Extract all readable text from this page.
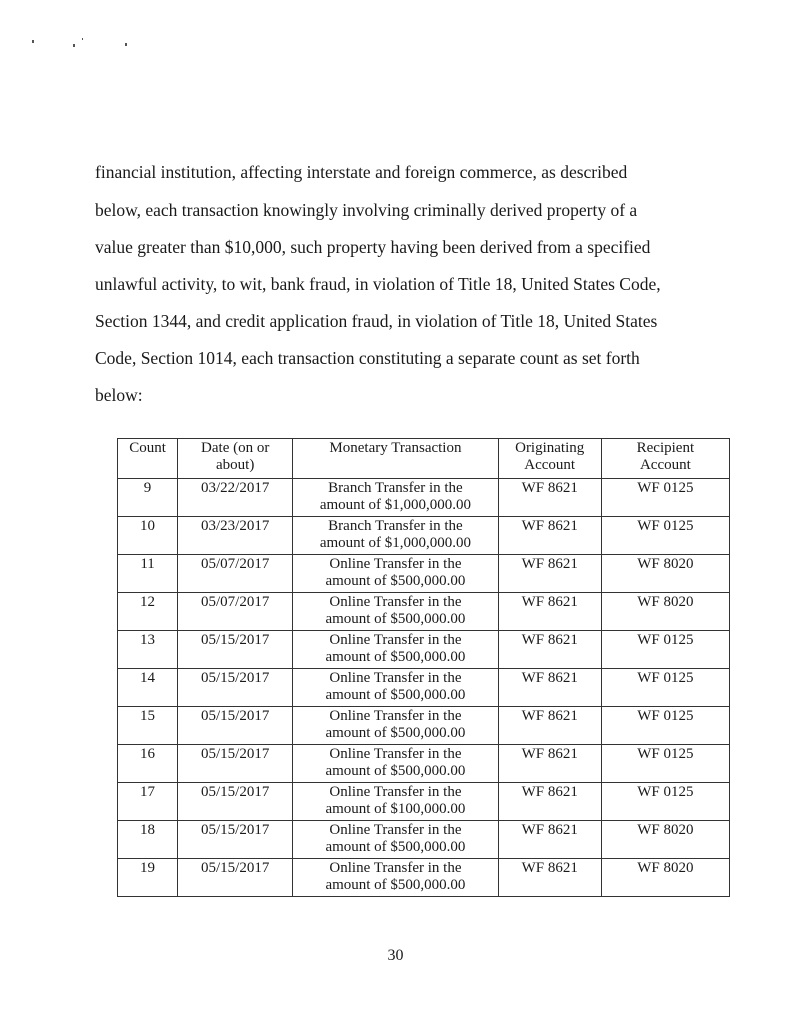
financial institution, affecting interstate and foreign commerce, as described
below, each transaction knowingly involving criminally derived property of a
value greater than $10,000, such property having been derived from a specified
unlawful activity, to wit, bank fraud, in violation of Title 18, United States Code,
Section 1344, and credit application fraud, in violation of Title 18, United States
Code, Section 1014, each transaction constituting a separate count as set forth
below:
Count	Date (on or
about)	Monetary Transaction	Originating
Account	Recipient
Account
9	03/22/2017	Branch Transfer in the
amount of $1,000,000.00	WF 8621	WF 0125
10	03/23/2017	Branch Transfer in the
amount of $1,000,000.00	WF 8621	WF 0125
11	05/07/2017	Online Transfer in the
amount of $500,000.00	WF 8621	WF 8020
12	05/07/2017	Online Transfer in the
amount of $500,000.00	WF 8621	WF 8020
13	05/15/2017	Online Transfer in the
amount of $500,000.00	WF 8621	WF 0125
14	05/15/2017	Online Transfer in the
amount of $500,000.00	WF 8621	WF 0125
15	05/15/2017	Online Transfer in the
amount of $500,000.00	WF 8621	WF 0125
16	05/15/2017	Online Transfer in the
amount of $500,000.00	WF 8621	WF 0125
17	05/15/2017	Online Transfer in the
amount of $100,000.00	WF 8621	WF 0125
18	05/15/2017	Online Transfer in the
amount of $500,000.00	WF 8621	WF 8020
19	05/15/2017	Online Transfer in the
amount of $500,000.00	WF 8621	WF 8020
30
